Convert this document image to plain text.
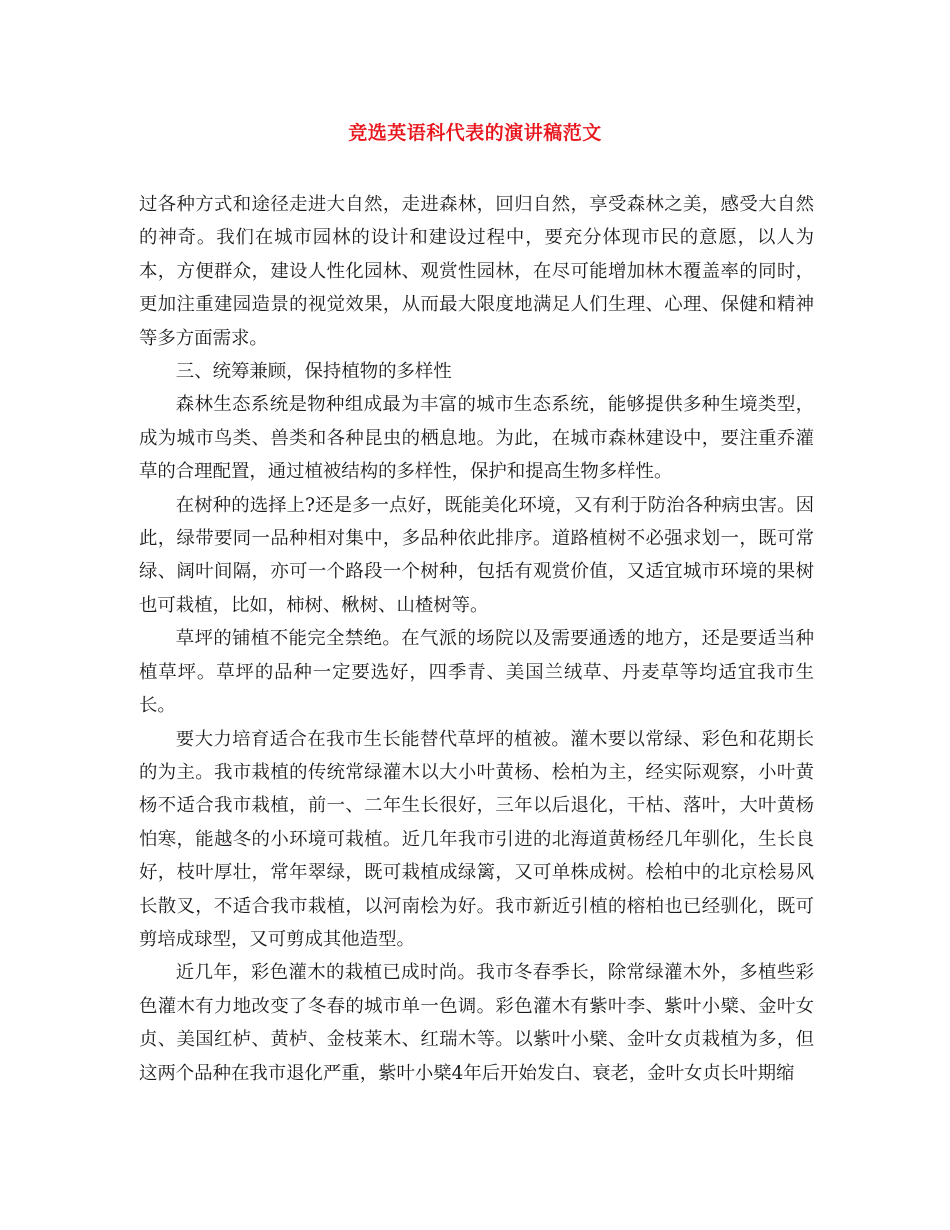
竞选英语科代表的演讲稿范文

过各种方式和途径走进大自然，走进森林，回归自然，享受森林之美，感受大自然的神奇。我们在城市园林的设计和建设过程中，要充分体现市民的意愿，以人为本，方便群众，建设人性化园林、观赏性园林，在尽可能增加林木覆盖率的同时，更加注重建园造景的视觉效果，从而最大限度地满足人们生理、心理、保健和精神等多方面需求。

三、统筹兼顾，保持植物的多样性

森林生态系统是物种组成最为丰富的城市生态系统，能够提供多种生境类型，成为城市鸟类、兽类和各种昆虫的栖息地。为此，在城市森林建设中，要注重乔灌草的合理配置，通过植被结构的多样性，保护和提高生物多样性。

在树种的选择上?还是多一点好，既能美化环境，又有利于防治各种病虫害。因此，绿带要同一品种相对集中，多品种依此排序。道路植树不必强求划一，既可常绿、阔叶间隔，亦可一个路段一个树种，包括有观赏价值，又适宜城市环境的果树也可栽植，比如，柿树、楸树、山楂树等。

草坪的铺植不能完全禁绝。在气派的场院以及需要通透的地方，还是要适当种植草坪。草坪的品种一定要选好，四季青、美国兰绒草、丹麦草等均适宜我市生长。

要大力培育适合在我市生长能替代草坪的植被。灌木要以常绿、彩色和花期长的为主。我市栽植的传统常绿灌木以大小叶黄杨、桧柏为主，经实际观察，小叶黄杨不适合我市栽植，前一、二年生长很好，三年以后退化，干枯、落叶，大叶黄杨怕寒，能越冬的小环境可栽植。近几年我市引进的北海道黄杨经几年驯化，生长良好，枝叶厚壮，常年翠绿，既可栽植成绿篱，又可单株成树。桧柏中的北京桧易风长散叉，不适合我市栽植，以河南桧为好。我市新近引植的榕柏也已经驯化，既可剪培成球型，又可剪成其他造型。

近几年，彩色灌木的栽植已成时尚。我市冬春季长，除常绿灌木外，多植些彩色灌木有力地改变了冬春的城市单一色调。彩色灌木有紫叶李、紫叶小檗、金叶女贞、美国红栌、黄栌、金枝莱木、红瑞木等。以紫叶小檗、金叶女贞栽植为多，但这两个品种在我市退化严重，紫叶小檗4年后开始发白、衰老，金叶女贞长叶期缩
